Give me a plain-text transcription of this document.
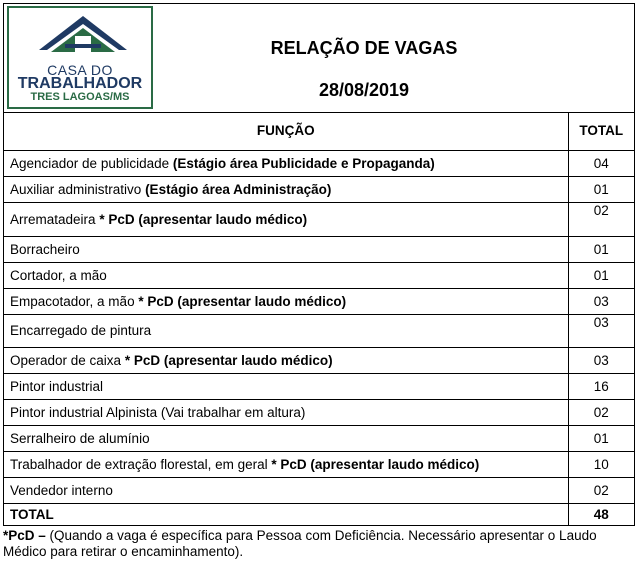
CASA DO
TRABALHADOR
TRES LAGOAS/MS
RELAÇÃO DE VAGAS
28/08/2019
FUNÇÃO	TOTAL
Agenciador de publicidade (Estágio área Publicidade e Propaganda)	04
Auxiliar administrativo (Estágio área Administração)	01
Arrematadeira * PcD (apresentar laudo médico)	02
Borracheiro	01
Cortador, a mão	01
Empacotador, a mão * PcD (apresentar laudo médico)	03
Encarregado de pintura	03
Operador de caixa * PcD (apresentar laudo médico)	03
Pintor industrial	16
Pintor industrial Alpinista (Vai trabalhar em altura)	02
Serralheiro de alumínio	01
Trabalhador de extração florestal, em geral * PcD (apresentar laudo médico)	10
Vendedor interno	02
TOTAL	48
*PcD – (Quando a vaga é específica para Pessoa com Deficiência. Necessário apresentar o Laudo Médico para retirar o encaminhamento).
